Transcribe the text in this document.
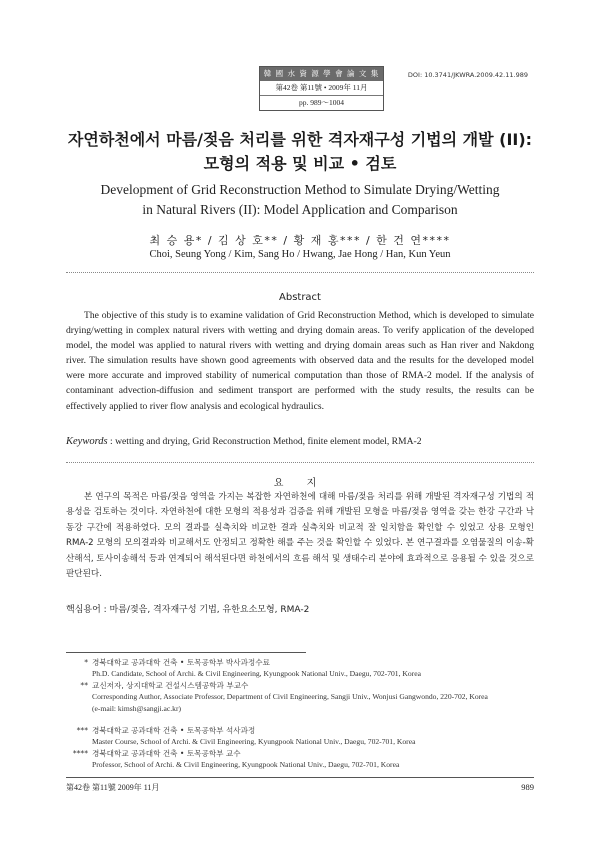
韓 國 水 資 源 學 會 論 文 集
第42卷 第11號 • 2009年 11月
pp. 989～1004
DOI: 10.3741/JKWRA.2009.42.11.989
자연하천에서 마름/젖음 처리를 위한 격자재구성 기법의 개발 (II):
모형의 적용 및 비교 • 검토
Development of Grid Reconstruction Method to Simulate Drying/Wetting
in Natural Rivers (II): Model Application and Comparison
최 승 용* / 김 상 호** / 황 재 홍*** / 한 건 연****
Choi, Seung Yong / Kim, Sang Ho / Hwang, Jae Hong / Han, Kun Yeun
Abstract
The objective of this study is to examine validation of Grid Reconstruction Method, which is developed to simulate drying/wetting in complex natural rivers with wetting and drying domain areas. To verify application of the developed model, the model was applied to natural rivers with wetting and drying domain areas such as Han river and Nakdong river. The simulation results have shown good agreements with observed data and the results for the developed model were more accurate and improved stability of numerical computation than those of RMA-2 model. If the analysis of contaminant advection-diffusion and sediment transport are performed with the study results, the results can be effectively applied to river flow analysis and ecological hydraulics.
Keywords : wetting and drying, Grid Reconstruction Method, finite element model, RMA-2
요 지
본 연구의 목적은 마름/젖음 영역을 가지는 복잡한 자연하천에 대해 마름/젖음 처리를 위해 개발된 격자재구성 기법의 적용성을 검토하는 것이다. 자연하천에 대한 모형의 적용성과 검증을 위해 개발된 모형을 마름/젖음 영역을 갖는 한강 구간과 낙동강 구간에 적용하였다. 모의 결과를 실측치와 비교한 결과 실측치와 비교적 잘 일치함을 확인할 수 있었고 상용 모형인 RMA-2 모형의 모의결과와 비교해서도 안정되고 정확한 해를 주는 것을 확인할 수 있었다. 본 연구결과를 오염물질의 이송-확산해석, 토사이송해석 등과 연계되어 해석된다면 하천에서의 흐름 해석 및 생태수리 분야에 효과적으로 응용될 수 있을 것으로 판단된다.
핵심용어 : 마름/젖음, 격자재구성 기법, 유한요소모형, RMA-2
* 경북대학교 공과대학 건축 • 토목공학부 박사과정수료
Ph.D. Candidate, School of Archi. & Civil Engineering, Kyungpook National Univ., Daegu, 702-701, Korea
** 교신저자, 상지대학교 건설시스템공학과 부교수
Corresponding Author, Associate Professor, Department of Civil Engineering, Sangji Univ., Wonjusi Gangwondo, 220-702, Korea
(e-mail: kimsh@sangji.ac.kr)
*** 경북대학교 공과대학 건축 • 토목공학부 석사과정
Master Course, School of Archi. & Civil Engineering, Kyungpook National Univ., Daegu, 702-701, Korea
**** 경북대학교 공과대학 건축 • 토목공학부 교수
Professor, School of Archi. & Civil Engineering, Kyungpook National Univ., Daegu, 702-701, Korea
第42卷 第11號 2009年 11月	989
